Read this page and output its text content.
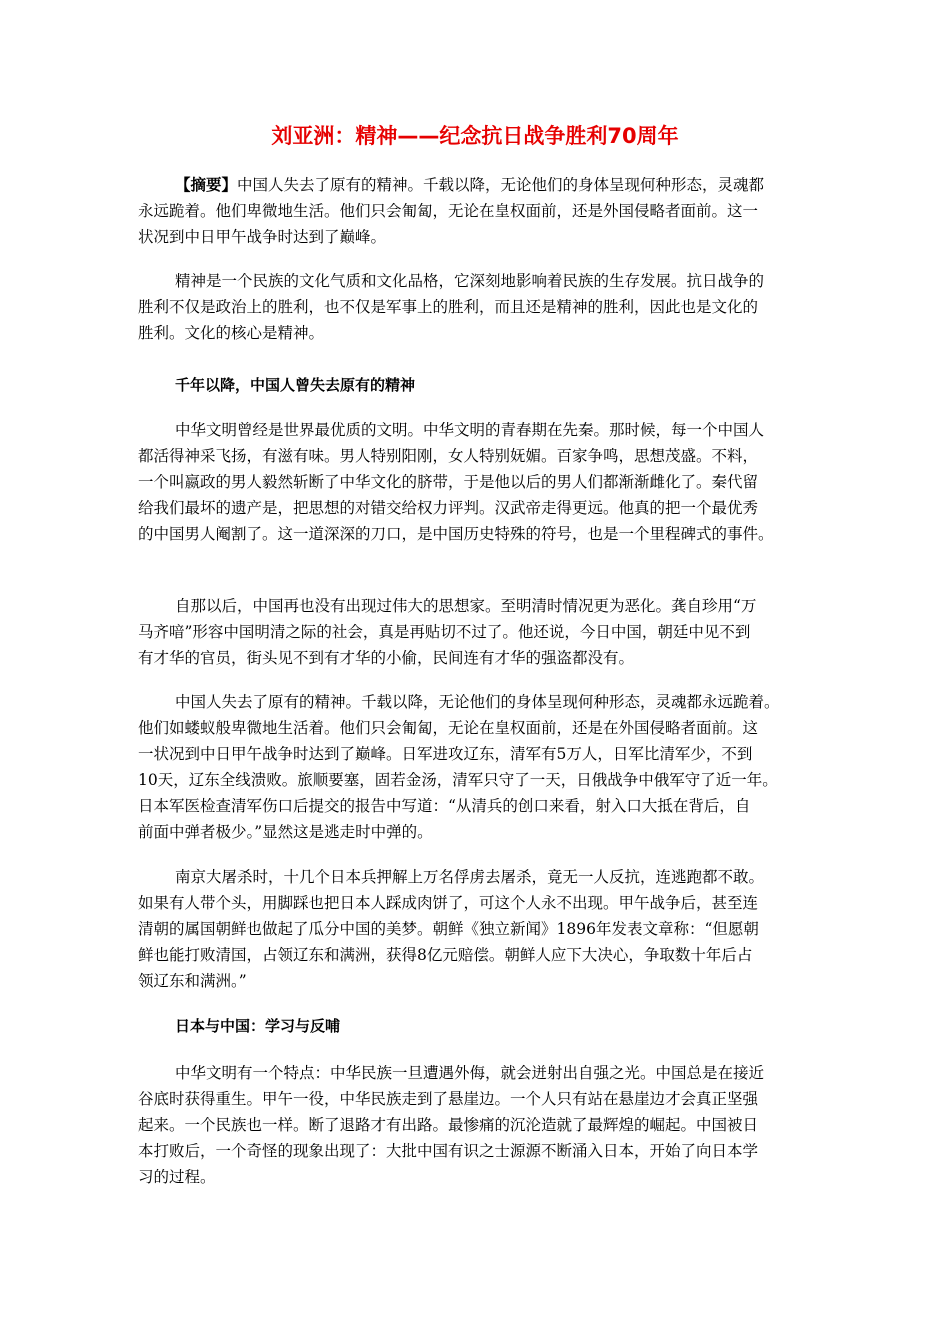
刘亚洲：精神——纪念抗日战争胜利70周年
【摘要】中国人失去了原有的精神。千载以降，无论他们的身体呈现何种形态，灵魂都
永远跪着。他们卑微地生活。他们只会匍匐，无论在皇权面前，还是外国侵略者面前。这一
状况到中日甲午战争时达到了巅峰。
精神是一个民族的文化气质和文化品格，它深刻地影响着民族的生存发展。抗日战争的
胜利不仅是政治上的胜利，也不仅是军事上的胜利，而且还是精神的胜利，因此也是文化的
胜利。文化的核心是精神。
千年以降，中国人曾失去原有的精神
中华文明曾经是世界最优质的文明。中华文明的青春期在先秦。那时候，每一个中国人
都活得神采飞扬，有滋有味。男人特别阳刚，女人特别妩媚。百家争鸣，思想茂盛。不料，
一个叫嬴政的男人毅然斩断了中华文化的脐带，于是他以后的男人们都渐渐雌化了。秦代留
给我们最坏的遗产是，把思想的对错交给权力评判。汉武帝走得更远。他真的把一个最优秀
的中国男人阉割了。这一道深深的刀口，是中国历史特殊的符号，也是一个里程碑式的事件。
自那以后，中国再也没有出现过伟大的思想家。至明清时情况更为恶化。龚自珍用“万
马齐喑”形容中国明清之际的社会，真是再贴切不过了。他还说，今日中国，朝廷中见不到
有才华的官员，街头见不到有才华的小偷，民间连有才华的强盗都没有。
中国人失去了原有的精神。千载以降，无论他们的身体呈现何种形态，灵魂都永远跪着。
他们如蝼蚁般卑微地生活着。他们只会匍匐，无论在皇权面前，还是在外国侵略者面前。这
一状况到中日甲午战争时达到了巅峰。日军进攻辽东，清军有5万人，日军比清军少，不到
10天，辽东全线溃败。旅顺要塞，固若金汤，清军只守了一天，日俄战争中俄军守了近一年。
日本军医检查清军伤口后提交的报告中写道：“从清兵的创口来看，射入口大抵在背后，自
前面中弹者极少。”显然这是逃走时中弹的。
南京大屠杀时，十几个日本兵押解上万名俘虏去屠杀，竟无一人反抗，连逃跑都不敢。
如果有人带个头，用脚踩也把日本人踩成肉饼了，可这个人永不出现。甲午战争后，甚至连
清朝的属国朝鲜也做起了瓜分中国的美梦。朝鲜《独立新闻》1896年发表文章称：“但愿朝
鲜也能打败清国，占领辽东和满洲，获得8亿元赔偿。朝鲜人应下大决心，争取数十年后占
领辽东和满洲。”
日本与中国：学习与反哺
中华文明有一个特点：中华民族一旦遭遇外侮，就会迸射出自强之光。中国总是在接近
谷底时获得重生。甲午一役，中华民族走到了悬崖边。一个人只有站在悬崖边才会真正坚强
起来。一个民族也一样。断了退路才有出路。最惨痛的沉沦造就了最辉煌的崛起。中国被日
本打败后，一个奇怪的现象出现了：大批中国有识之士源源不断涌入日本，开始了向日本学
习的过程。
